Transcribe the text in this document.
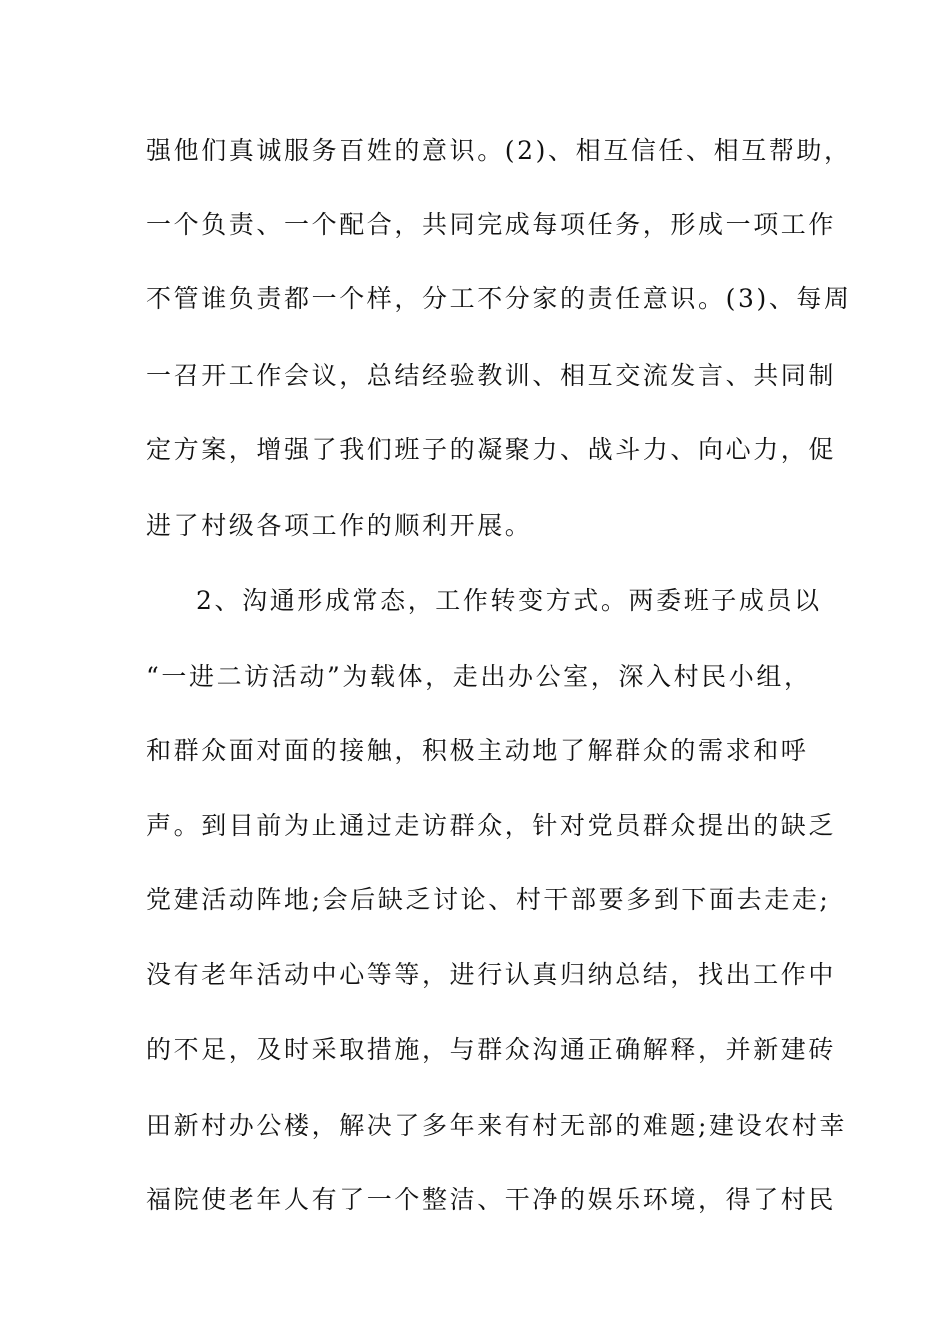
强他们真诚服务百姓的意识。(2)、相互信任、相互帮助，
一个负责、一个配合，共同完成每项任务，形成一项工作
不管谁负责都一个样，分工不分家的责任意识。(3)、每周
一召开工作会议，总结经验教训、相互交流发言、共同制
定方案，增强了我们班子的凝聚力、战斗力、向心力，促
进了村级各项工作的顺利开展。
2、沟通形成常态，工作转变方式。两委班子成员以
“一进二访活动”为载体，走出办公室，深入村民小组，
和群众面对面的接触，积极主动地了解群众的需求和呼
声。到目前为止通过走访群众，针对党员群众提出的缺乏
党建活动阵地;会后缺乏讨论、村干部要多到下面去走走;
没有老年活动中心等等，进行认真归纳总结，找出工作中
的不足，及时采取措施，与群众沟通正确解释，并新建砖
田新村办公楼，解决了多年来有村无部的难题;建设农村幸
福院使老年人有了一个整洁、干净的娱乐环境，得了村民
